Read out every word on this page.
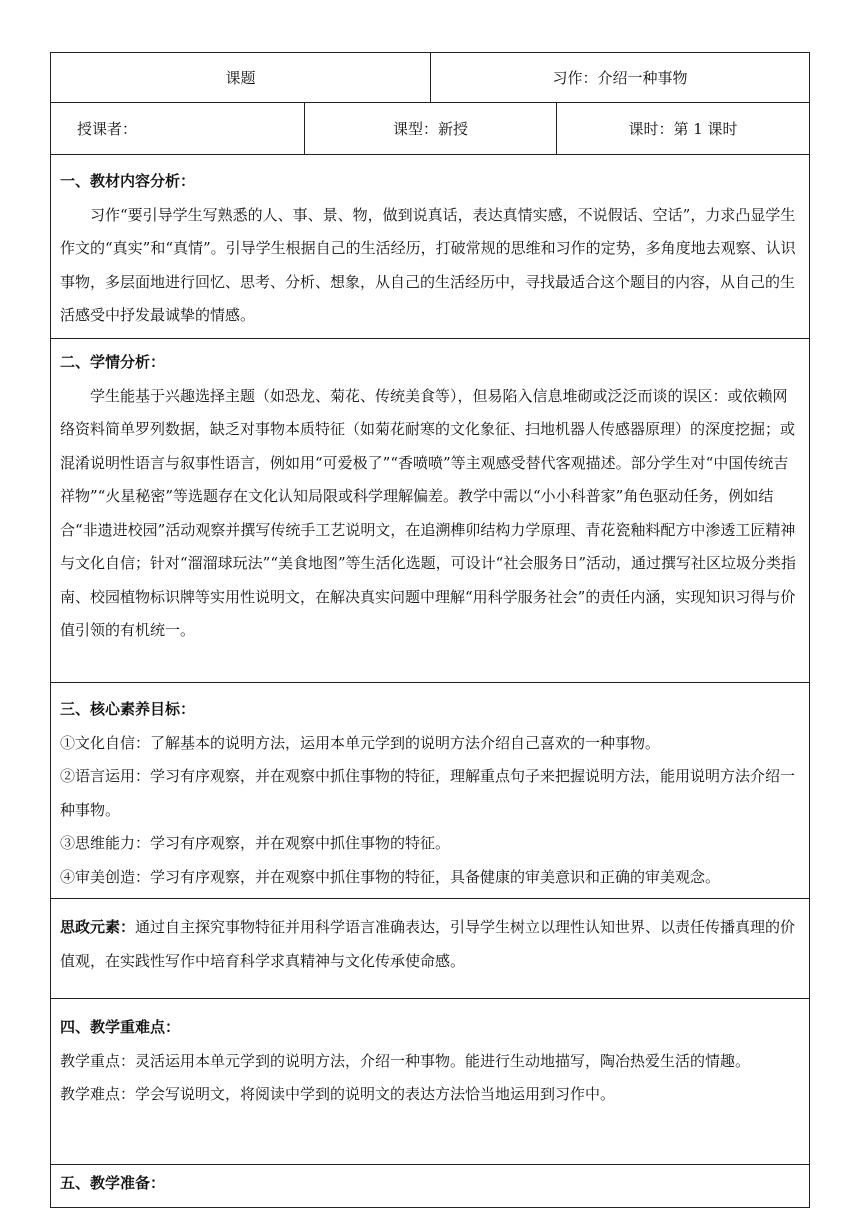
课题	习作：介绍一种事物
授课者：	课型：新授	课时：第 1 课时

一、教材内容分析：

习作“要引导学生写熟悉的人、事、景、物，做到说真话，表达真情实感，不说假话、空话”，力求凸显学生作文的“真实”和“真情”。引导学生根据自己的生活经历，打破常规的思维和习作的定势，多角度地去观察、认识事物，多层面地进行回忆、思考、分析、想象，从自己的生活经历中，寻找最适合这个题目的内容，从自己的生活感受中抒发最诚挚的情感。

二、学情分析：

学生能基于兴趣选择主题（如恐龙、菊花、传统美食等），但易陷入信息堆砌或泛泛而谈的误区：或依赖网络资料简单罗列数据，缺乏对事物本质特征（如菊花耐寒的文化象征、扫地机器人传感器原理）的深度挖掘；或混淆说明性语言与叙事性语言，例如用“可爱极了”“香喷喷”等主观感受替代客观描述。部分学生对“中国传统吉祥物”“火星秘密”等选题存在文化认知局限或科学理解偏差。教学中需以“小小科普家”角色驱动任务，例如结合“非遗进校园”活动观察并撰写传统手工艺说明文，在追溯榫卯结构力学原理、青花瓷釉料配方中渗透工匠精神与文化自信；针对“溜溜球玩法”“美食地图”等生活化选题，可设计“社会服务日”活动，通过撰写社区垃圾分类指南、校园植物标识牌等实用性说明文，在解决真实问题中理解“用科学服务社会”的责任内涵，实现知识习得与价值引领的有机统一。

三、核心素养目标：

①文化自信：了解基本的说明方法，运用本单元学到的说明方法介绍自己喜欢的一种事物。

②语言运用：学习有序观察，并在观察中抓住事物的特征，理解重点句子来把握说明方法，能用说明方法介绍一种事物。

③思维能力：学习有序观察，并在观察中抓住事物的特征。

④审美创造：学习有序观察，并在观察中抓住事物的特征，具备健康的审美意识和正确的审美观念。

思政元素：通过自主探究事物特征并用科学语言准确表达，引导学生树立以理性认知世界、以责任传播真理的价值观，在实践性写作中培育科学求真精神与文化传承使命感。

四、教学重难点：

教学重点：灵活运用本单元学到的说明方法，介绍一种事物。能进行生动地描写，陶冶热爱生活的情趣。

教学难点：学会写说明文，将阅读中学到的说明文的表达方法恰当地运用到习作中。

五、教学准备：
